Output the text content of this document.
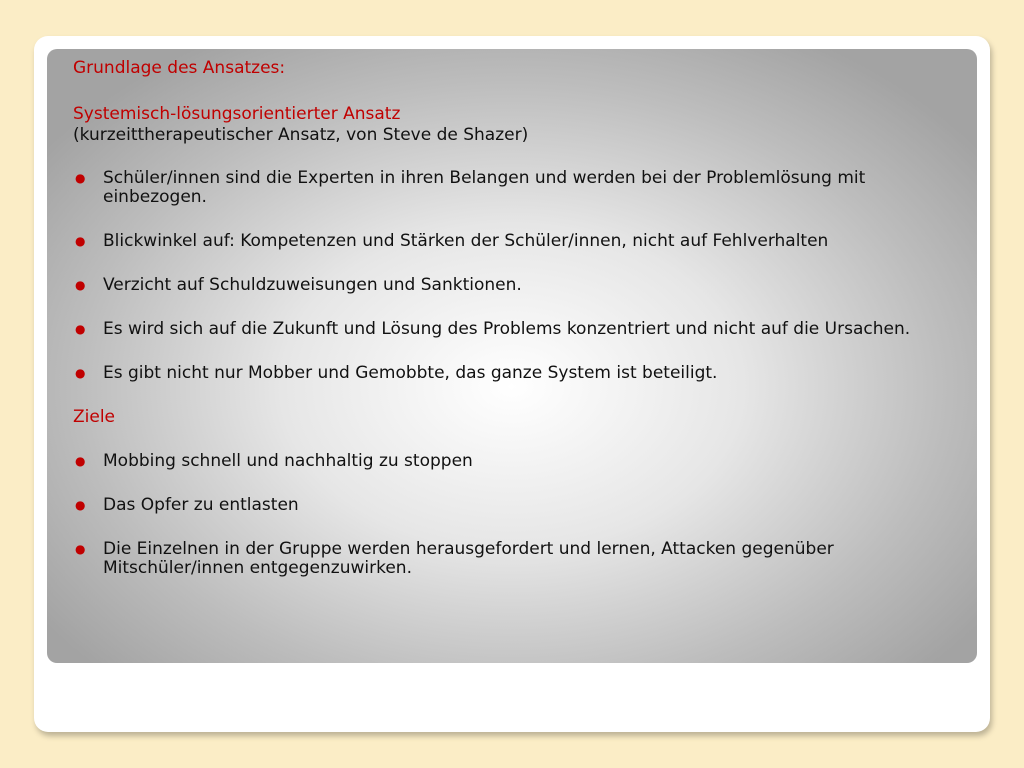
Grundlage des Ansatzes:

Systemisch-lösungsorientierter Ansatz

(kurzeittherapeutischer Ansatz, von Steve de Shazer)

● Schüler/innen sind die Experten in ihren Belangen und werden bei der Problemlösung mit einbezogen.
● Blickwinkel auf: Kompetenzen und Stärken der Schüler/innen, nicht auf Fehlverhalten
● Verzicht auf Schuldzuweisungen und Sanktionen.
● Es wird sich auf die Zukunft und Lösung des Problems konzentriert und nicht auf die Ursachen.
● Es gibt nicht nur Mobber und Gemobbte, das ganze System ist beteiligt.

Ziele

● Mobbing schnell und nachhaltig zu stoppen
● Das Opfer zu entlasten
● Die Einzelnen in der Gruppe werden herausgefordert und lernen, Attacken gegenüber Mitschüler/innen entgegenzuwirken.
